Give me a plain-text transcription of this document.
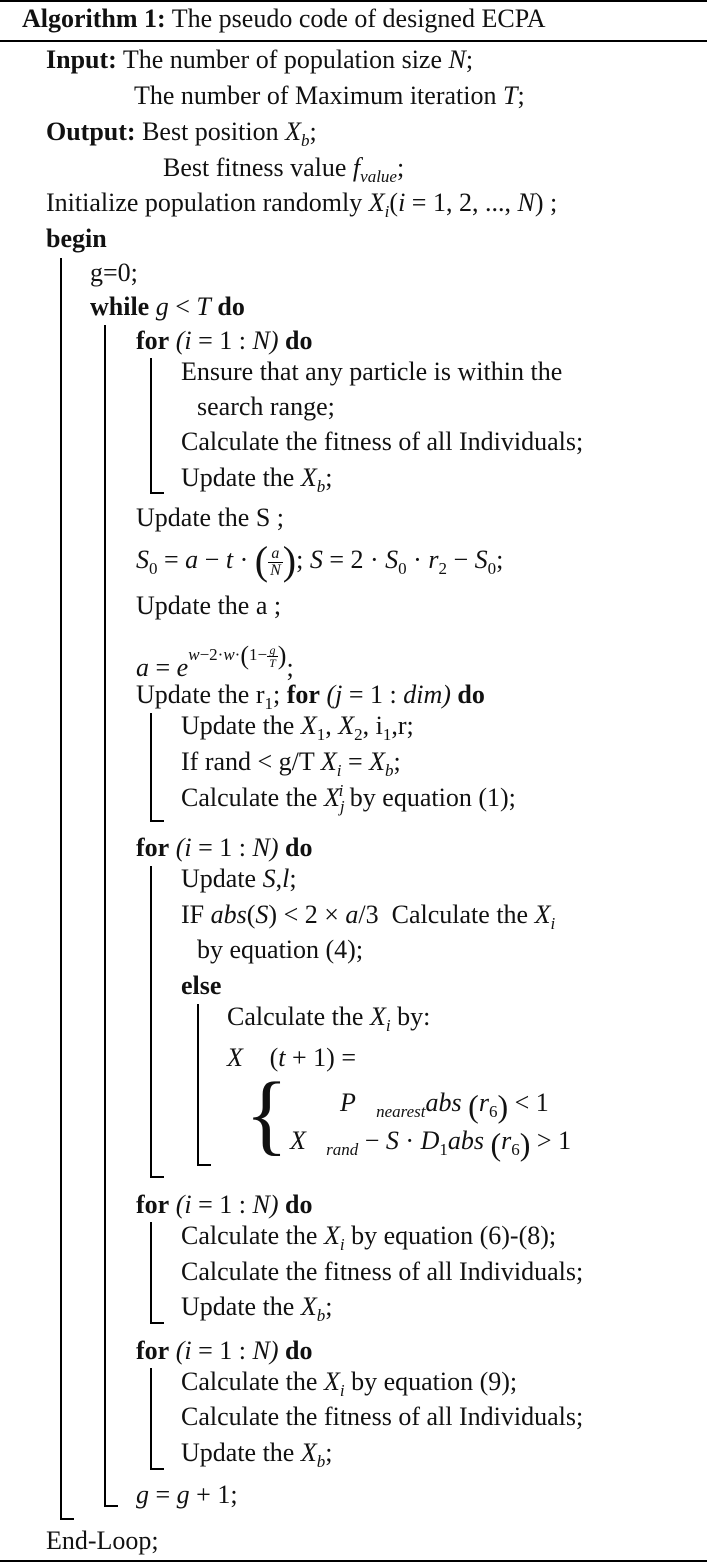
Algorithm 1: The pseudo code of designed ECPA
Input: The number of population size N;
The number of Maximum iteration T;
Output: Best position $X_b$;
Best fitness value $f_{value}$;
Initialize population randomly $X_i(i = 1$, 2, ..., N) ;
begin
g=0;
while g < T do
for (i = 1 : N) do
Ensure that any particle is within the
search range;
Calculate the fitness of all Individuals;
Update the $X_b$;
Update the S ;
$S_0 = a - t$ · ( $\frac{a}{N}$ ); $S = 2 \cdot S_0 \cdot r_2 - S_0$;
Update the a ;
$a = e^{w-2\cdot w\cdot(1- \frac{g}{T} )}$;
Update the $r_1$; for (j = 1 : dim) do
Update the $X_1$, $X_2$, $i_1,r$;
If rand < g/T $X_i = X_b$;
Calculate the $X_j^i$ by equation (1);
for (i = 1 : N) do
Update S,l;
IF abs(S) < 2 × a/3  Calculate the $X_i$
by equation (4);
else
Calculate the $X_i$ by:
X⃗ (t + 1) =
{ $P⃗_{nearest}abs$ $(r_6) < 1$
$X⃗_{rand} - S \cdot D_1abs$ $(r_6) > 1$
for (i = 1 : N) do
Calculate the $X_i$ by equation (6)-(8);
Calculate the fitness of all Individuals;
Update the $X_b$;
for (i = 1 : N) do
Calculate the $X_i$ by equation (9);
Calculate the fitness of all Individuals;
Update the $X_b$;
g = g + 1;
End-Loop;
